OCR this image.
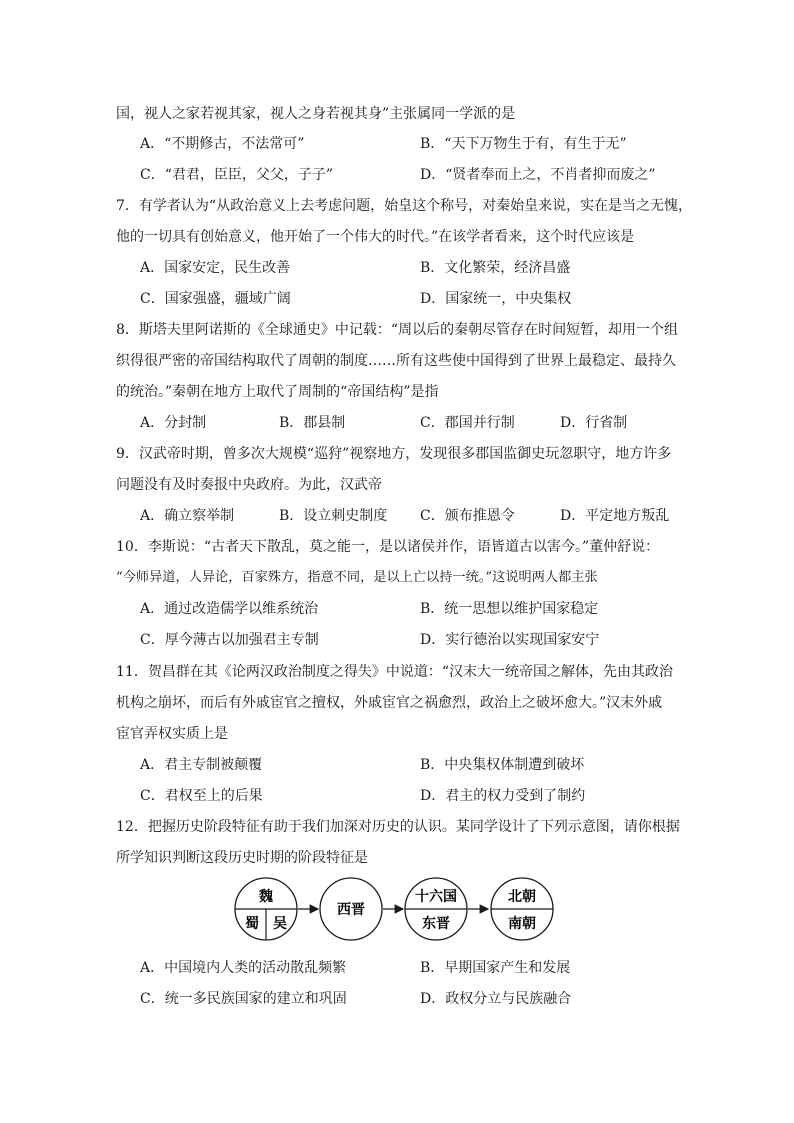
国，视人之家若视其家，视人之身若视其身”主张属同一学派的是
A．“不期修古，不法常可”	B．“天下万物生于有，有生于无”
C．“君君，臣臣，父父，子子”	D．“贤者奉而上之，不肖者抑而废之”
7．有学者认为“从政治意义上去考虑问题，始皇这个称号，对秦始皇来说，实在是当之无愧，
他的一切具有创始意义，他开始了一个伟大的时代。”在该学者看来，这个时代应该是
A．国家安定，民生改善	B．文化繁荣，经济昌盛
C．国家强盛，疆域广阔	D．国家统一，中央集权
8．斯塔夫里阿诺斯的《全球通史》中记载：“周以后的秦朝尽管存在时间短暂，却用一个组
织得很严密的帝国结构取代了周朝的制度……所有这些使中国得到了世界上最稳定、最持久
的统治。”秦朝在地方上取代了周制的“帝国结构”是指
A．分封制	B．郡县制	C．郡国并行制	D．行省制
9．汉武帝时期，曾多次大规模“巡狩”视察地方，发现很多郡国监御史玩忽职守，地方许多
问题没有及时奏报中央政府。为此，汉武帝
A．确立察举制	B．设立刺史制度 C．颁布推恩令	D．平定地方叛乱
10．李斯说：“古者天下散乱，莫之能一，是以诸侯并作，语皆道古以害今。”董仲舒说：
“今师异道，人异论，百家殊方，指意不同，是以上亡以持一统。”这说明两人都主张
A．通过改造儒学以维系统治	B．统一思想以维护国家稳定
C．厚今薄古以加强君主专制	D．实行德治以实现国家安宁
11．贺昌群在其《论两汉政治制度之得失》中说道：“汉末大一统帝国之解体，先由其政治
机构之崩坏，而后有外戚宦官之擅权，外戚宦官之祸愈烈，政治上之破坏愈大。”汉末外戚
宦官弄权实质上是
A．君主专制被颠覆	B．中央集权体制遭到破坏
C．君权至上的后果	D．君主的权力受到了制约
12．把握历史阶段特征有助于我们加深对历史的认识。某同学设计了下列示意图，请你根据
所学知识判断这段历史时期的阶段特征是
魏
蜀 吴
西晋
十六国
东晋
北朝
南朝
A．中国境内人类的活动散乱频繁	B．早期国家产生和发展
C．统一多民族国家的建立和巩固	D．政权分立与民族融合
